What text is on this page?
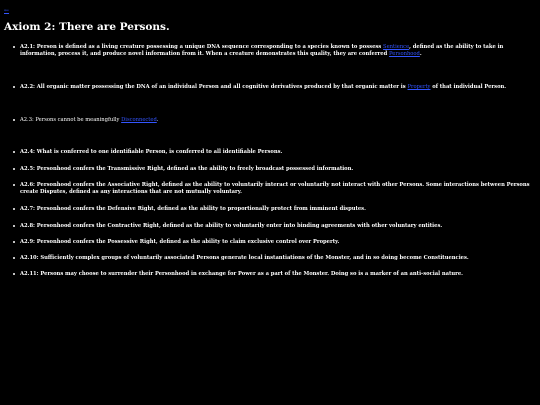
←
Axiom 2: There are Persons.
A2.1: Person is defined as a living creature possessing a unique DNA sequence corresponding to a species known to possess Sentience, defined as the ability to take in information, process it, and produce novel information from it. When a creature demonstrates this quality, they are conferred Personhood.
A2.2: All organic matter possessing the DNA of an individual Person and all cognitive derivatives produced by that organic matter is Property of that individual Person.
A2.3: Persons cannot be meaningfully Disconnected.
A2.4: What is conferred to one identifiable Person, is conferred to all identifiable Persons.
A2.5: Personhood confers the Transmissive Right, defined as the ability to freely broadcast possessed information.
A2.6: Personhood confers the Associative Right, defined as the ability to voluntarily interact or voluntarily not interact with other Persons. Some interactions between Persons create Disputes, defined as any interactions that are not mutually voluntary.
A2.7: Personhood confers the Defensive Right, defined as the ability to proportionally protect from imminent disputes.
A2.8: Personhood confers the Contractive Right, defined as the ability to voluntarily enter into binding agreements with other voluntary entities.
A2.9: Personhood confers the Possessive Right, defined as the ability to claim exclusive control over Property.
A2.10: Sufficiently complex groups of voluntarily associated Persons generate local instantiations of the Monster, and in so doing become Constituencies.
A2.11: Persons may choose to surrender their Personhood in exchange for Power as a part of the Monster. Doing so is a marker of an anti-social nature.
